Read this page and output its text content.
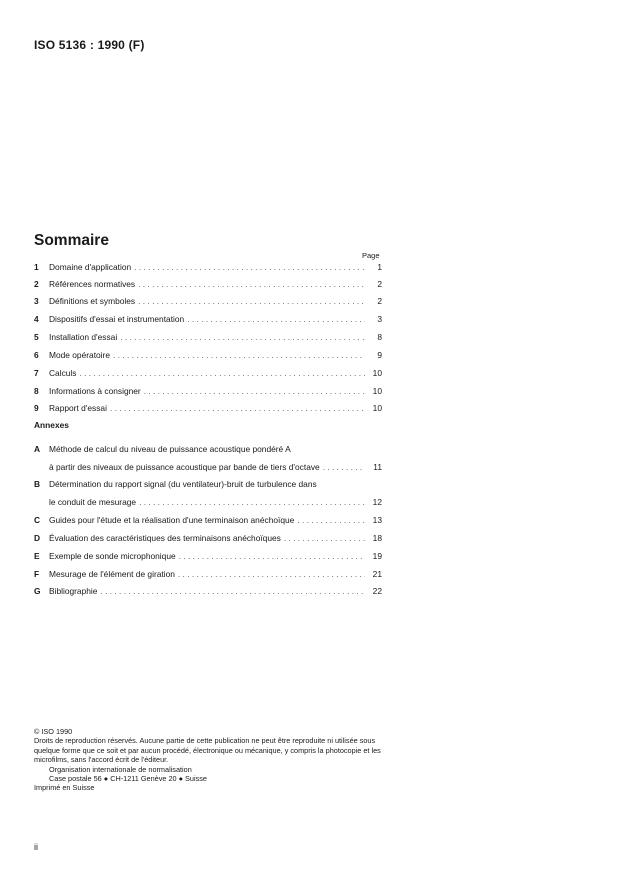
ISO 5136 : 1990 (F)
Sommaire
Page
1	Domaine d'application . . .	1
2	Références normatives . . .	2
3	Définitions et symboles . . .	2
4	Dispositifs d'essai et instrumentation . . .	3
5	Installation d'essai . . .	8
6	Mode opératoire . . .	9
7	Calculs . . .	10
8	Informations à consigner . . .	10
9	Rapport d'essai . . .	10
Annexes
A	Méthode de calcul du niveau de puissance acoustique pondéré A
à partir des niveaux de puissance acoustique par bande de tiers d'octave . . .	11
B	Détermination du rapport signal (du ventilateur)-bruit de turbulence dans
le conduit de mesurage . . .	12
C	Guides pour l'étude et la réalisation d'une terminaison anéchoïque . . .	13
D	Évaluation des caractéristiques des terminaisons anéchoïques . . .	18
E	Exemple de sonde microphonique . . .	19
F	Mesurage de l'élément de giration . . .	21
G	Bibliographie . . .	22

© ISO 1990

Droits de reproduction réservés. Aucune partie de cette publication ne peut être reproduite ni utilisée sous quelque forme que ce soit et par aucun procédé, électronique ou mécanique, y compris la photocopie et les microfilms, sans l'accord écrit de l'éditeur.

Organisation internationale de normalisation

Case postale 56 ● CH-1211 Genève 20 ● Suisse

Imprimé en Suisse

ii
